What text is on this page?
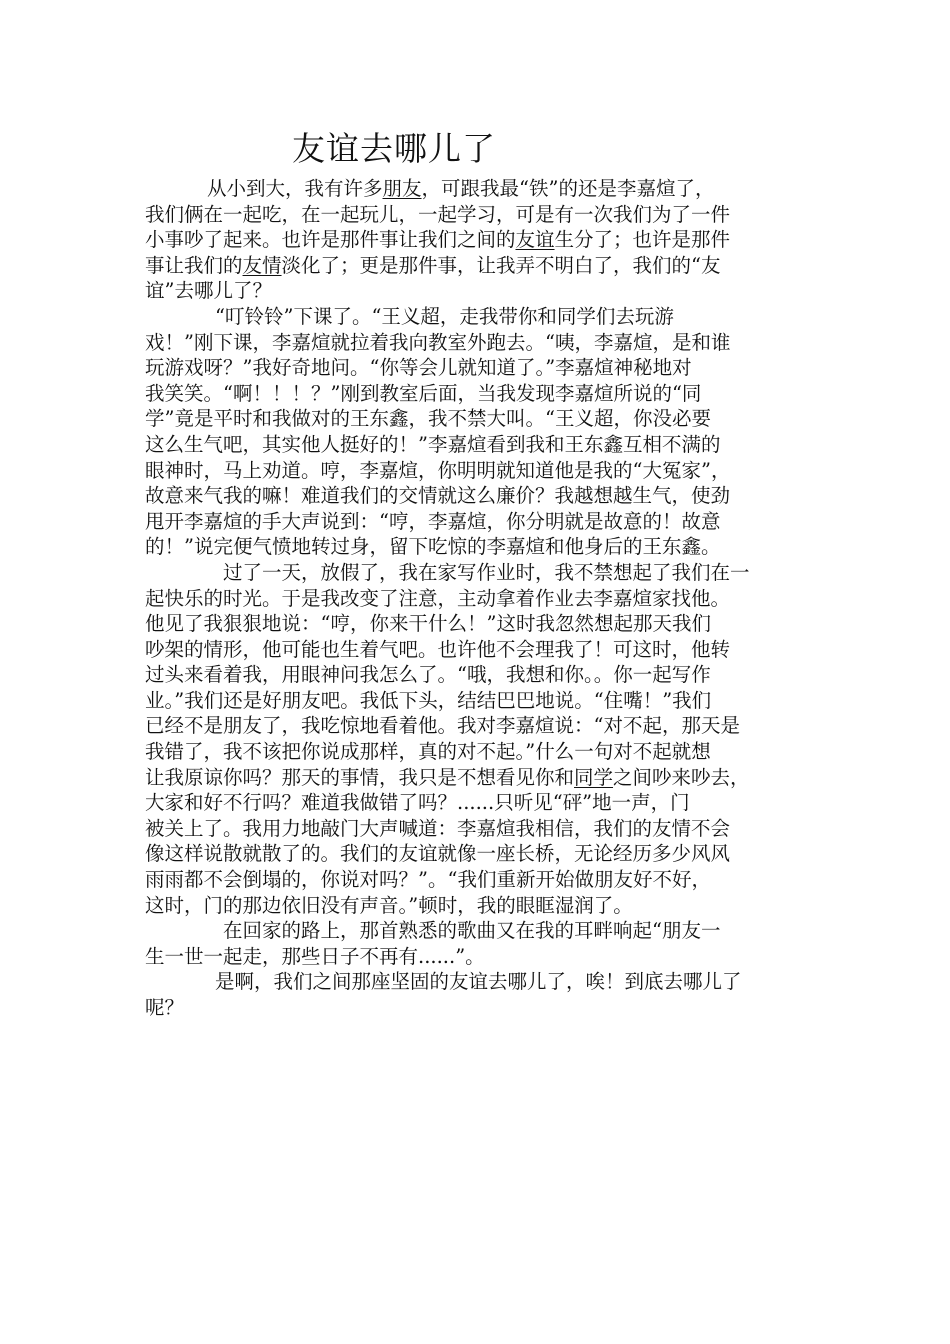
友谊去哪儿了
从小到大，我有许多朋友，可跟我最“铁”的还是李嘉煊了，
我们俩在一起吃，在一起玩儿，一起学习，可是有一次我们为了一件
小事吵了起来。也许是那件事让我们之间的友谊生分了；也许是那件
事让我们的友情淡化了；更是那件事，让我弄不明白了，我们的“友
谊”去哪儿了？
“叮铃铃”下课了。“王义超，走我带你和同学们去玩游
戏！”刚下课，李嘉煊就拉着我向教室外跑去。“咦，李嘉煊，是和谁
玩游戏呀？”我好奇地问。“你等会儿就知道了。”李嘉煊神秘地对
我笑笑。“啊！！！？”刚到教室后面，当我发现李嘉煊所说的“同
学”竟是平时和我做对的王东鑫，我不禁大叫。“王义超，你没必要
这么生气吧，其实他人挺好的！”李嘉煊看到我和王东鑫互相不满的
眼神时，马上劝道。哼，李嘉煊，你明明就知道他是我的“大冤家”，
故意来气我的嘛！难道我们的交情就这么廉价？我越想越生气，使劲
甩开李嘉煊的手大声说到：“哼，李嘉煊，你分明就是故意的！故意
的！”说完便气愤地转过身，留下吃惊的李嘉煊和他身后的王东鑫。
过了一天，放假了，我在家写作业时，我不禁想起了我们在一
起快乐的时光。于是我改变了注意，主动拿着作业去李嘉煊家找他。
他见了我狠狠地说：“哼，你来干什么！”这时我忽然想起那天我们
吵架的情形，他可能也生着气吧。也许他不会理我了！可这时，他转
过头来看着我，用眼神问我怎么了。“哦，我想和你。。你一起写作
业。”我们还是好朋友吧。我低下头，结结巴巴地说。“住嘴！”我们
已经不是朋友了，我吃惊地看着他。我对李嘉煊说：“对不起，那天是
我错了，我不该把你说成那样，真的对不起。”什么一句对不起就想
让我原谅你吗？那天的事情，我只是不想看见你和同学之间吵来吵去，
大家和好不行吗？难道我做错了吗？......只听见“砰”地一声，门
被关上了。我用力地敲门大声喊道：李嘉煊我相信，我们的友情不会
像这样说散就散了的。我们的友谊就像一座长桥，无论经历多少风风
雨雨都不会倒塌的，你说对吗？”。“我们重新开始做朋友好不好，
这时，门的那边依旧没有声音。”顿时，我的眼眶湿润了。
在回家的路上，那首熟悉的歌曲又在我的耳畔响起“朋友一
生一世一起走，那些日子不再有......”。
是啊，我们之间那座坚固的友谊去哪儿了，唉！到底去哪儿了
呢？
